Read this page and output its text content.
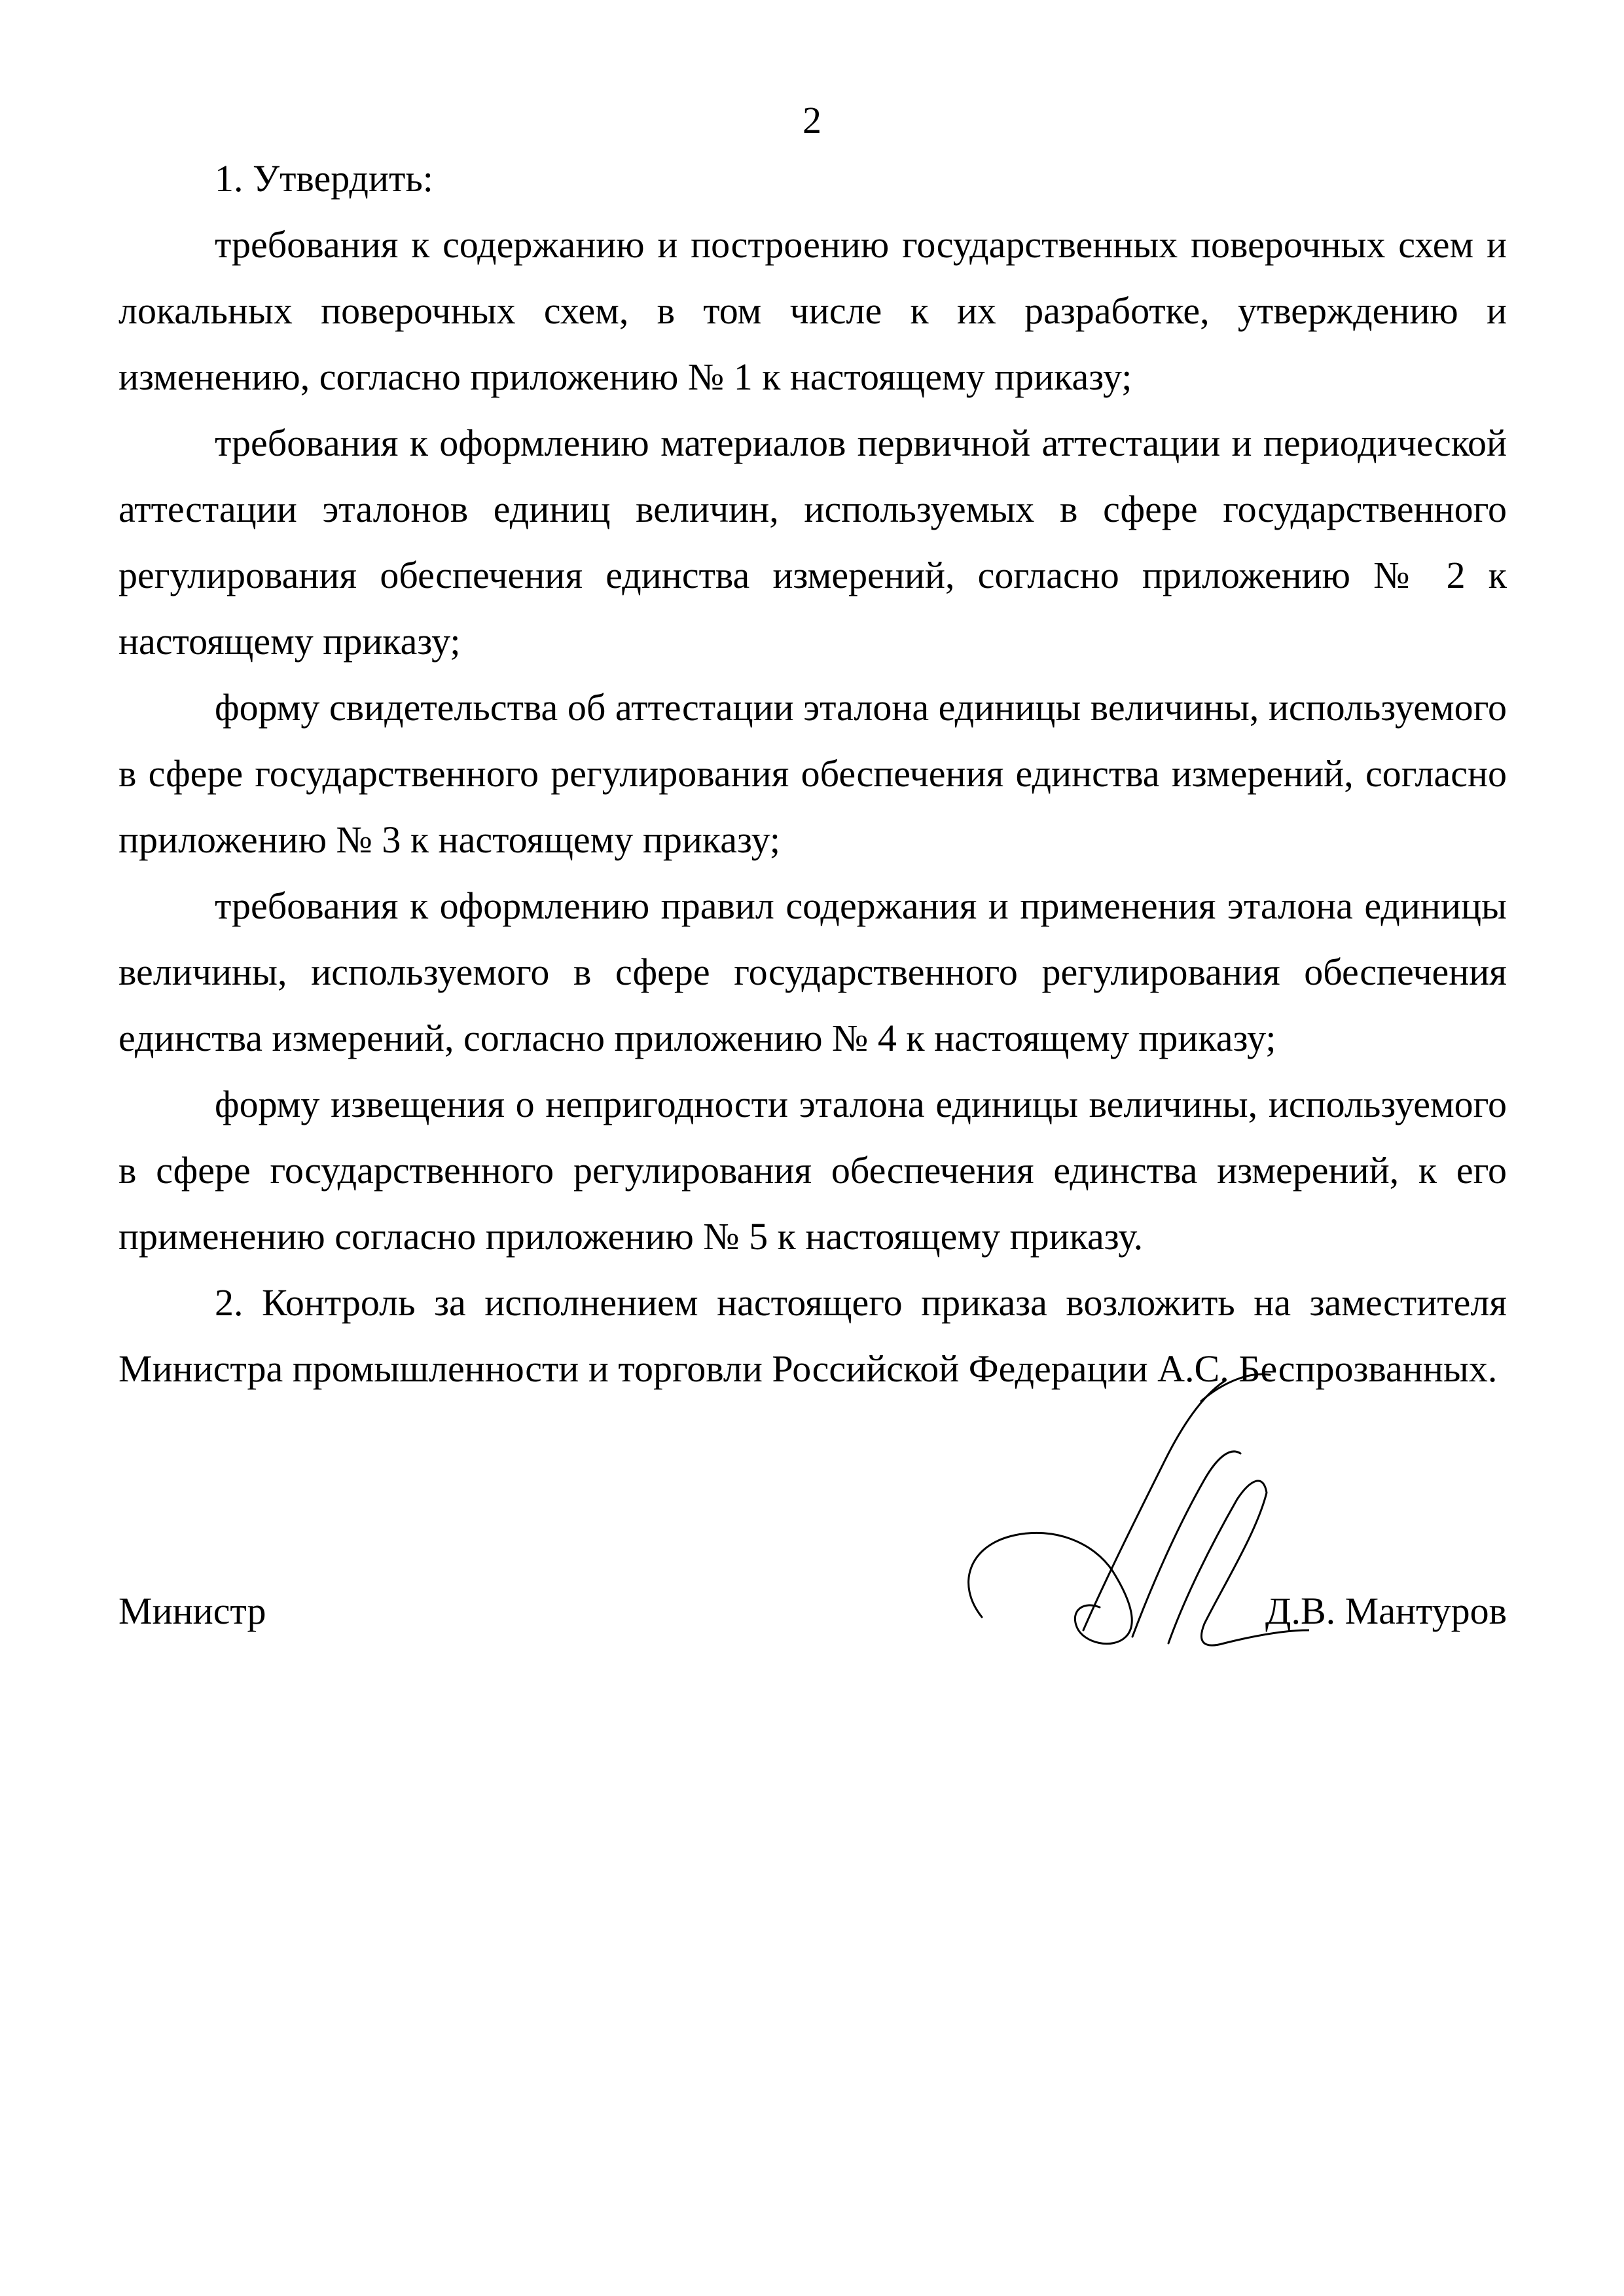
2

1. Утвердить:

требования к содержанию и построению государственных поверочных схем и локальных поверочных схем, в том числе к их разработке, утверждению и изменению, согласно приложению № 1 к настоящему приказу;

требования к оформлению материалов первичной аттестации и периодической аттестации эталонов единиц величин, используемых в сфере государственного регулирования обеспечения единства измерений, согласно приложению № 2 к настоящему приказу;

форму свидетельства об аттестации эталона единицы величины, используемого в сфере государственного регулирования обеспечения единства измерений, согласно приложению № 3 к настоящему приказу;

требования к оформлению правил содержания и применения эталона единицы величины, используемого в сфере государственного регулирования обеспечения единства измерений, согласно приложению № 4 к настоящему приказу;

форму извещения о непригодности эталона единицы величины, используемого в сфере государственного регулирования обеспечения единства измерений, к его применению согласно приложению № 5 к настоящему приказу.

2. Контроль за исполнением настоящего приказа возложить на заместителя Министра промышленности и торговли Российской Федерации А.С. Беспрозванных.

Министр	Д.В. Мантуров
